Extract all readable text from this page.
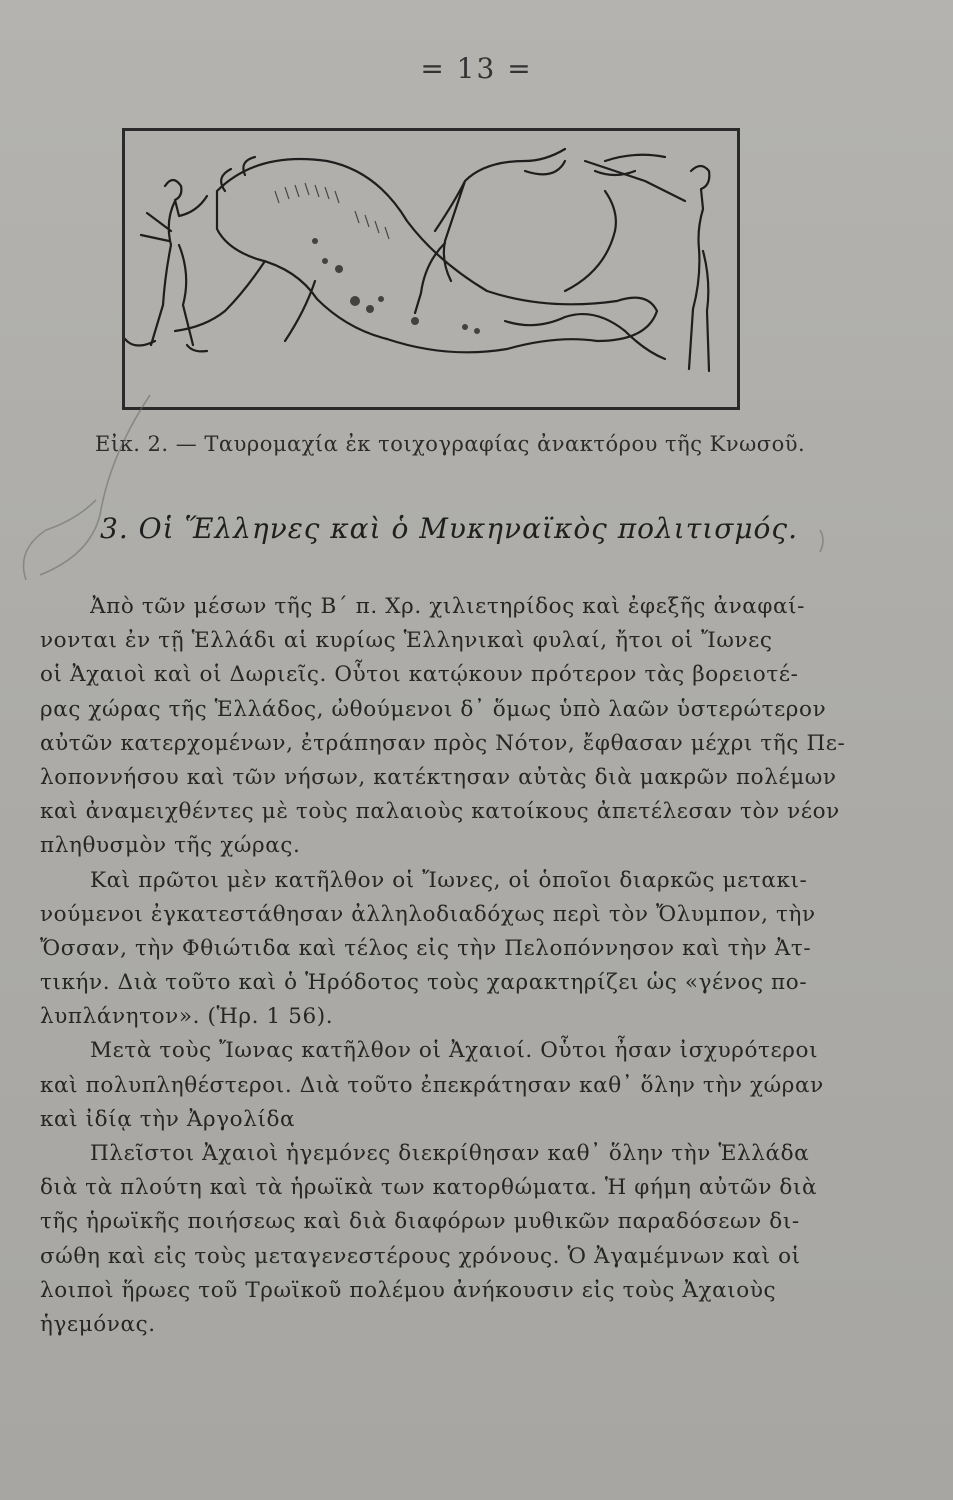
= 13 =
Εἰκ. 2. — Ταυρομαχία ἐκ τοιχογραφίας ἀνακτόρου τῆς Κνωσοῦ.
3. Οἱ Ἕλληνες καὶ ὁ Μυκηναϊκὸς πολιτισμός.
Ἀπὸ τῶν μέσων τῆς Β΄ π. Χρ. χιλιετηρίδος καὶ ἐφεξῆς ἀναφαί-
νονται ἐν τῇ Ἑλλάδι αἱ κυρίως Ἑλληνικαὶ φυλαί, ἤτοι οἱ Ἴωνες
οἱ Ἀχαιοὶ καὶ οἱ Δωριεῖς. Οὗτοι κατῴκουν πρότερον τὰς βορειοτέ-
ρας χώρας τῆς Ἑλλάδος, ὠθούμενοι δ᾽ ὅμως ὑπὸ λαῶν ὑστερώτερον
αὐτῶν κατερχομένων, ἐτράπησαν πρὸς Νότον, ἔφθασαν μέχρι τῆς Πε-
λοποννήσου καὶ τῶν νήσων, κατέκτησαν αὐτὰς διὰ μακρῶν πολέμων
καὶ ἀναμειχθέντες μὲ τοὺς παλαιοὺς κατοίκους ἀπετέλεσαν τὸν νέον
πληθυσμὸν τῆς χώρας.
Καὶ πρῶτοι μὲν κατῆλθον οἱ Ἴωνες, οἱ ὁποῖοι διαρκῶς μετακι-
νούμενοι ἐγκατεστάθησαν ἀλληλοδιαδόχως περὶ τὸν Ὄλυμπον, τὴν
Ὄσσαν, τὴν Φθιώτιδα καὶ τέλος εἰς τὴν Πελοπόννησον καὶ τὴν Ἀτ-
τικήν. Διὰ τοῦτο καὶ ὁ Ἡρόδοτος τοὺς χαρακτηρίζει ὡς «γένος πο-
λυπλάνητον». (Ἡρ. 1 56).
Μετὰ τοὺς Ἴωνας κατῆλθον οἱ Ἀχαιοί. Οὗτοι ἦσαν ἰσχυρότεροι
καὶ πολυπληθέστεροι. Διὰ τοῦτο ἐπεκράτησαν καθ᾽ ὅλην τὴν χώραν
καὶ ἰδίᾳ τὴν Ἀργολίδα
Πλεῖστοι Ἀχαιοὶ ἡγεμόνες διεκρίθησαν καθ᾽ ὅλην τὴν Ἑλλάδα
διὰ τὰ πλούτη καὶ τὰ ἡρωϊκὰ των κατορθώματα. Ἡ φήμη αὐτῶν διὰ
τῆς ἡρωϊκῆς ποιήσεως καὶ διὰ διαφόρων μυθικῶν παραδόσεων δι-
σώθη καὶ εἰς τοὺς μεταγενεστέρους χρόνους. Ὁ Ἀγαμέμνων καὶ οἱ
λοιποὶ ἥρωες τοῦ Τρωϊκοῦ πολέμου ἀνήκουσιν εἰς τοὺς Ἀχαιοὺς
ἡγεμόνας.
